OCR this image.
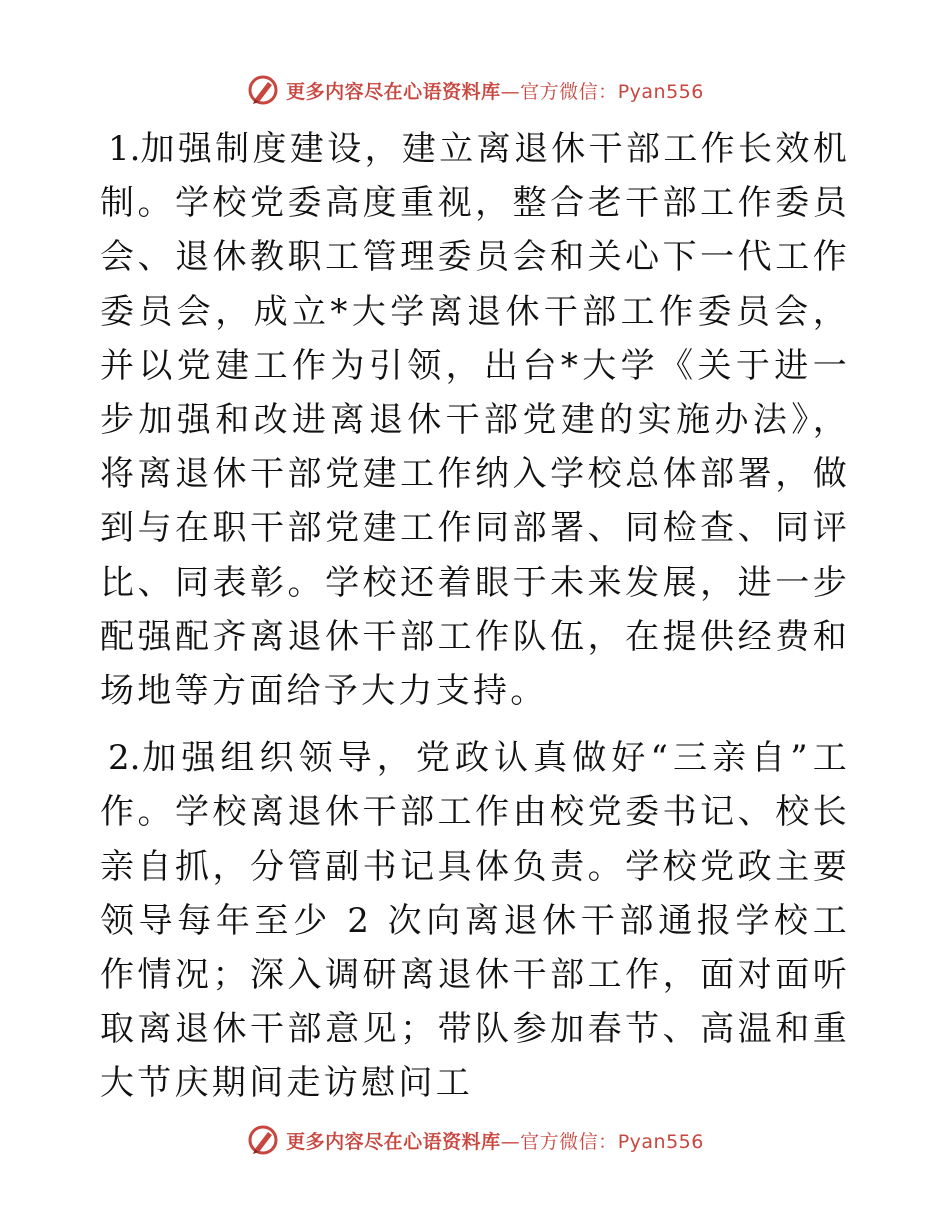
更多内容尽在心语资料库—官方微信：Pyan556

1.加强制度建设，建立离退休干部工作长效机制。学校党委高度重视，整合老干部工作委员会、退休教职工管理委员会和关心下一代工作委员会，成立*大学离退休干部工作委员会，并以党建工作为引领，出台*大学《关于进一步加强和改进离退休干部党建的实施办法》，将离退休干部党建工作纳入学校总体部署，做到与在职干部党建工作同部署、同检查、同评比、同表彰。学校还着眼于未来发展，进一步配强配齐离退休干部工作队伍，在提供经费和场地等方面给予大力支持。

2.加强组织领导，党政认真做好“三亲自”工作。学校离退休干部工作由校党委书记、校长亲自抓，分管副书记具体负责。学校党政主要领导每年至少 2 次向离退休干部通报学校工作情况；深入调研离退休干部工作，面对面听取离退休干部意见；带队参加春节、高温和重大节庆期间走访慰问工

更多内容尽在心语资料库—官方微信：Pyan556
